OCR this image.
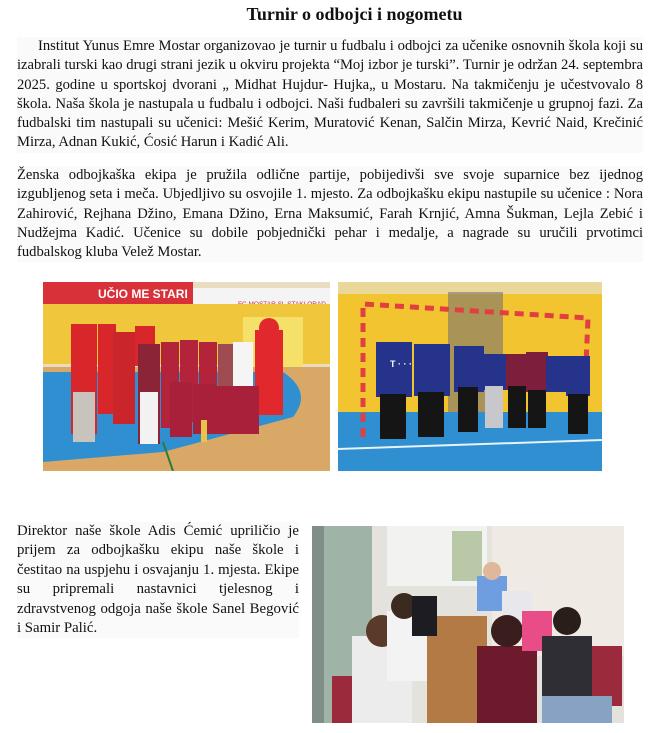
Turnir o odbojci i nogometu

Institut Yunus Emre Mostar organizovao je turnir u fudbalu i odbojci za učenike osnovnih škola koji su izabrali turski kao drugi strani jezik u okviru projekta “Moj izbor je turski”. Turnir je održan 24. septembra 2025. godine u sportskoj dvorani „ Midhat Hujdur- Hujka„ u Mostaru. Na takmičenju je učestvovalo 8 škola. Naša škola je nastupala u fudbalu i odbojci. Naši fudbaleri su završili takmičenje u grupnoj fazi. Za fudbalski tim nastupali su učenici: Mešić Kerim, Muratović Kenan, Salčin Mirza, Kevrić Naid, Krečinić Mirza, Adnan Kukić, Ćosić Harun i Kadić Ali.

Ženska odbojkaška ekipa je pružila odlične partije, pobijedivši sve svoje suparnice bez ijednog izgubljenog seta i meča. Ubjedljivo su osvojile 1. mjesto. Za odbojkašku ekipu nastupile su učenice : Nora Zahirović, Rejhana Džino, Emana Džino, Erna Maksumić, Farah Krnjić, Amna Šukman, Lejla Zebić i Nudžejma Kadić. Učenice su dobile pobjednički pehar i medalje, a nagrade su uručili prvotimci fudbalskog kluba Velež Mostar.

UČIO ME STARI
T · · ·

Direktor naše škole Adis Ćemić upriličio je prijem za odbojkašku ekipu naše škole i čestitao na uspjehu i osvajanju 1. mjesta. Ekipe su pripremali nastavnici tjelesnog i zdravstvenog odgoja naše škole Sanel Begović i Samir Palić.
